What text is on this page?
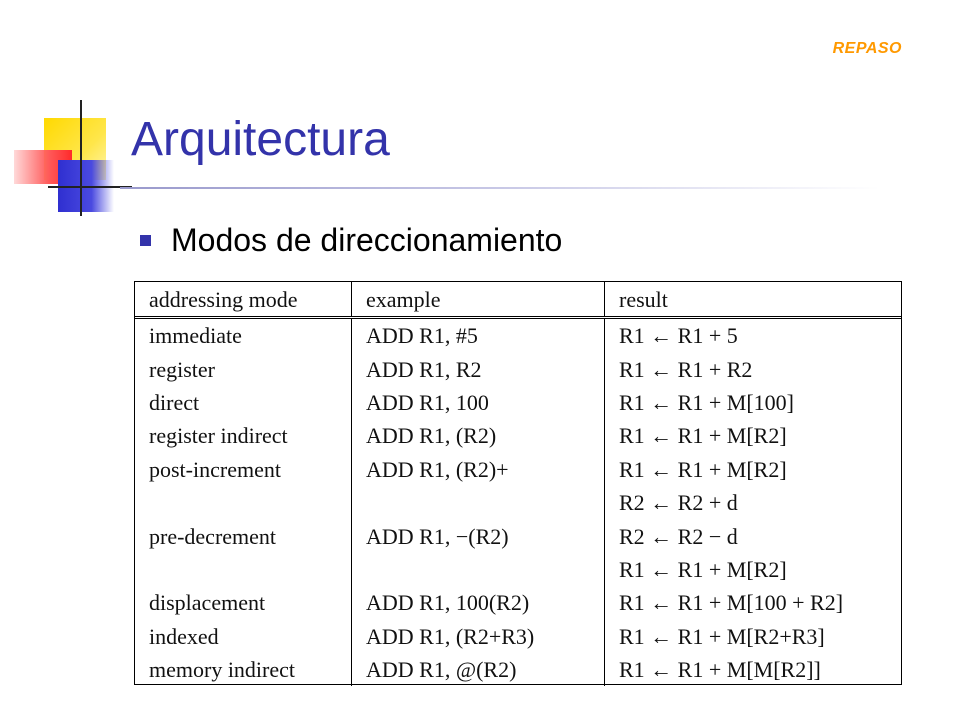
REPASO
Arquitectura
Modos de direccionamiento
addressing mode	example	result
immediate	ADD R1, #5	R1 ← R1 + 5
register	ADD R1, R2	R1 ← R1 + R2
direct	ADD R1, 100	R1 ← R1 + M[100]
register indirect	ADD R1, (R2)	R1 ← R1 + M[R2]
post-increment	ADD R1, (R2)+	R1 ← R1 + M[R2]
		R2 ← R2 + d
pre-decrement	ADD R1, −(R2)	R2 ← R2 − d
		R1 ← R1 + M[R2]
displacement	ADD R1, 100(R2)	R1 ← R1 + M[100 + R2]
indexed	ADD R1, (R2+R3)	R1 ← R1 + M[R2+R3]
memory indirect	ADD R1, @(R2)	R1 ← R1 + M[M[R2]]
